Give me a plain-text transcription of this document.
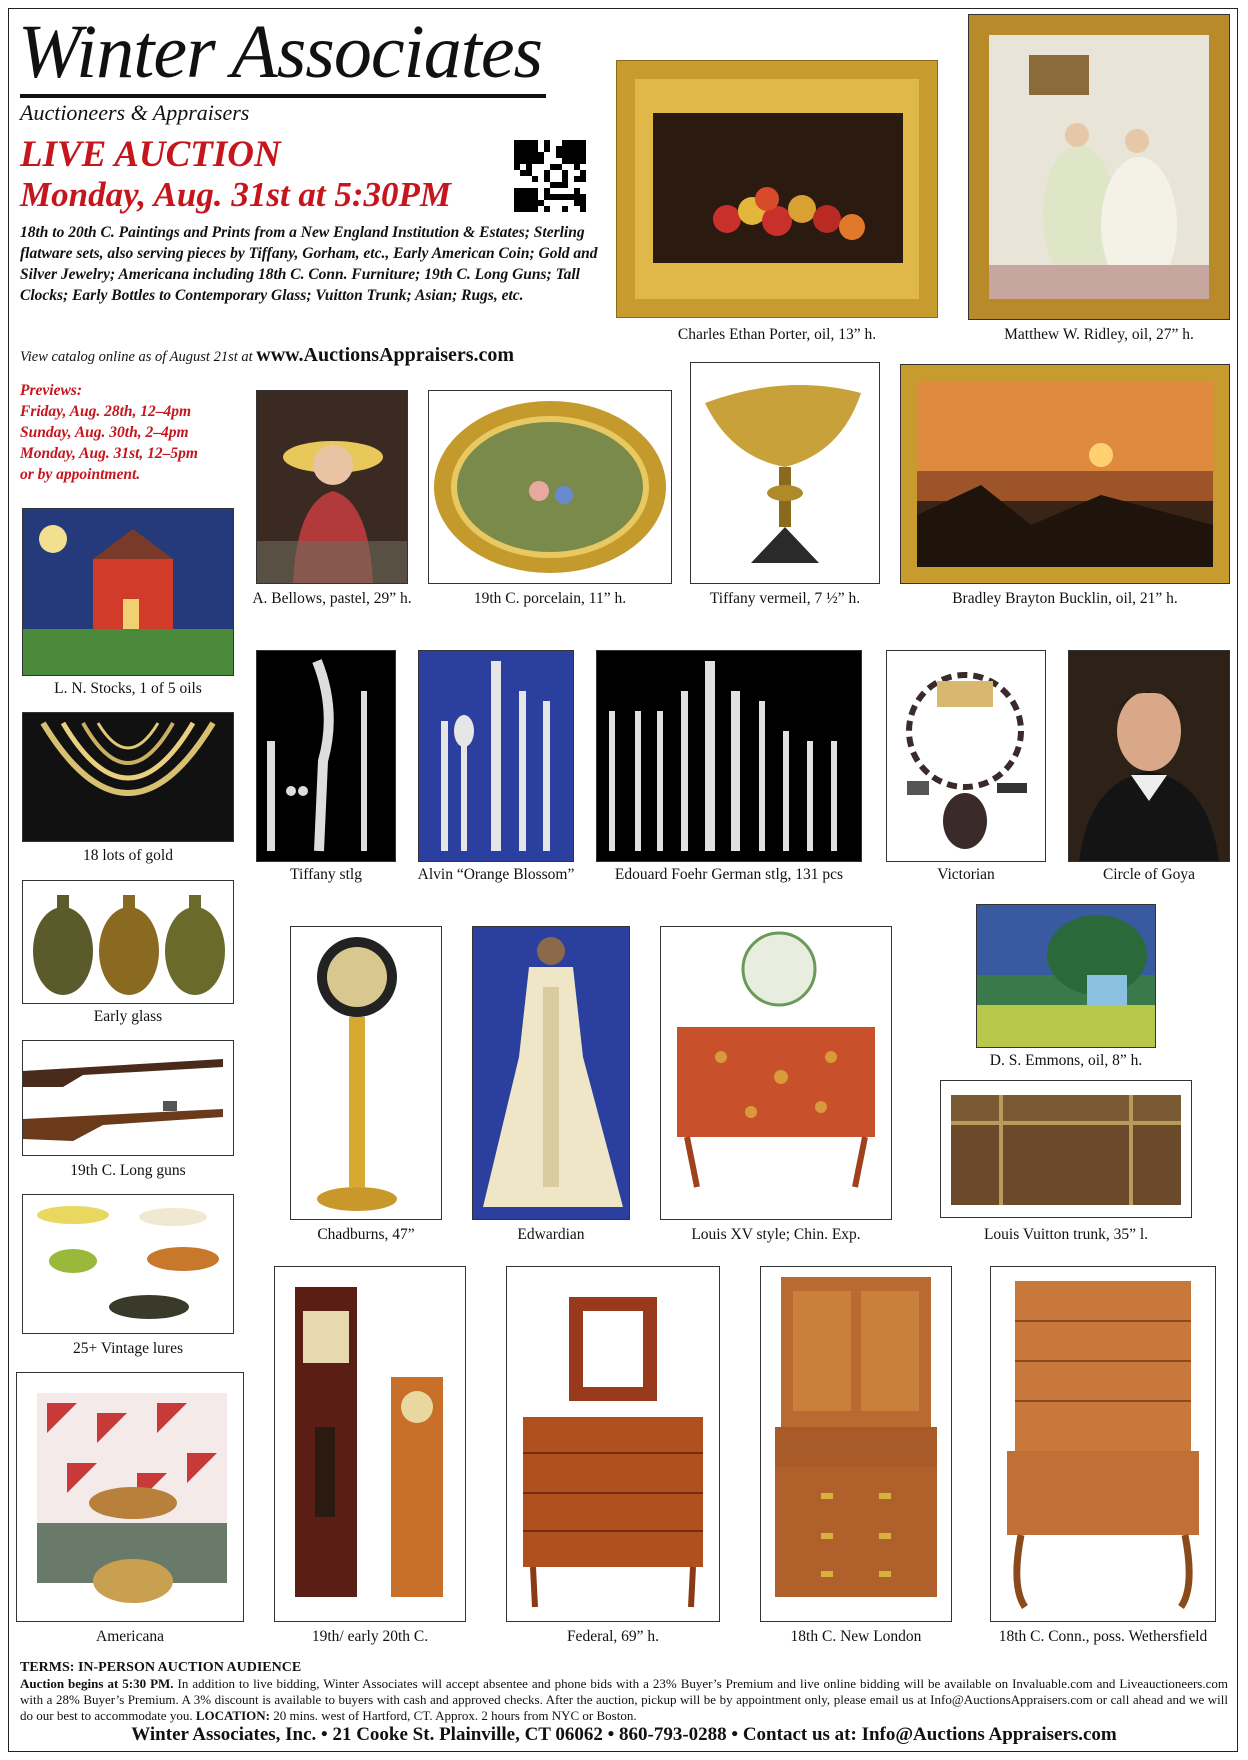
Winter Associates
Auctioneers & Appraisers
LIVE AUCTION
Monday, Aug. 31st at 5:30PM
18th to 20th C. Paintings and Prints from a New England Institution & Estates; Sterling flatware sets, also serving pieces by Tiffany, Gorham, etc., Early American Coin; Gold and Silver Jewelry; Americana including 18th C. Conn. Furniture; 19th C. Long Guns; Tall Clocks; Early Bottles to Contemporary Glass; Vuitton Trunk; Asian; Rugs, etc.
View catalog online as of August 21st at www.AuctionsAppraisers.com
Previews:
Friday, Aug. 28th, 12–4pm
Sunday, Aug. 30th, 2–4pm
Monday, Aug. 31st, 12–5pm
or by appointment.
Charles Ethan Porter, oil, 13” h.	Matthew W. Ridley, oil, 27” h.
A. Bellows, pastel, 29” h.	19th C. porcelain, 11” h.	Tiffany vermeil, 7 ½” h.	Bradley Brayton Bucklin, oil, 21” h.
L. N. Stocks, 1 of 5 oils
18 lots of gold
Tiffany stlg	Alvin “Orange Blossom”	Edouard Foehr German stlg, 131 pcs	Victorian	Circle of Goya
Early glass
Chadburns, 47”	Edwardian	Louis XV style; Chin. Exp.
D. S. Emmons, oil, 8” h.
19th C. Long guns
Louis Vuitton trunk, 35” l.
25+ Vintage lures
Americana	19th/ early 20th C.	Federal, 69” h.	18th C. New London	18th C. Conn., poss. Wethersfield
TERMS: IN-PERSON AUCTION AUDIENCE
Auction begins at 5:30 PM. In addition to live bidding, Winter Associates will accept absentee and phone bids with a 23% Buyer’s Premium and live online bidding will be available on Invaluable.com and Liveauctioneers.com with a 28% Buyer’s Premium. A 3% discount is available to buyers with cash and approved checks. After the auction, pickup will be by appointment only, please email us at Info@AuctionsAppraisers.com or call ahead and we will do our best to accommodate you. LOCATION: 20 mins. west of Hartford, CT. Approx. 2 hours from NYC or Boston.
Winter Associates, Inc. • 21 Cooke St. Plainville, CT 06062 • 860-793-0288 • Contact us at: Info@Auctions Appraisers.com
